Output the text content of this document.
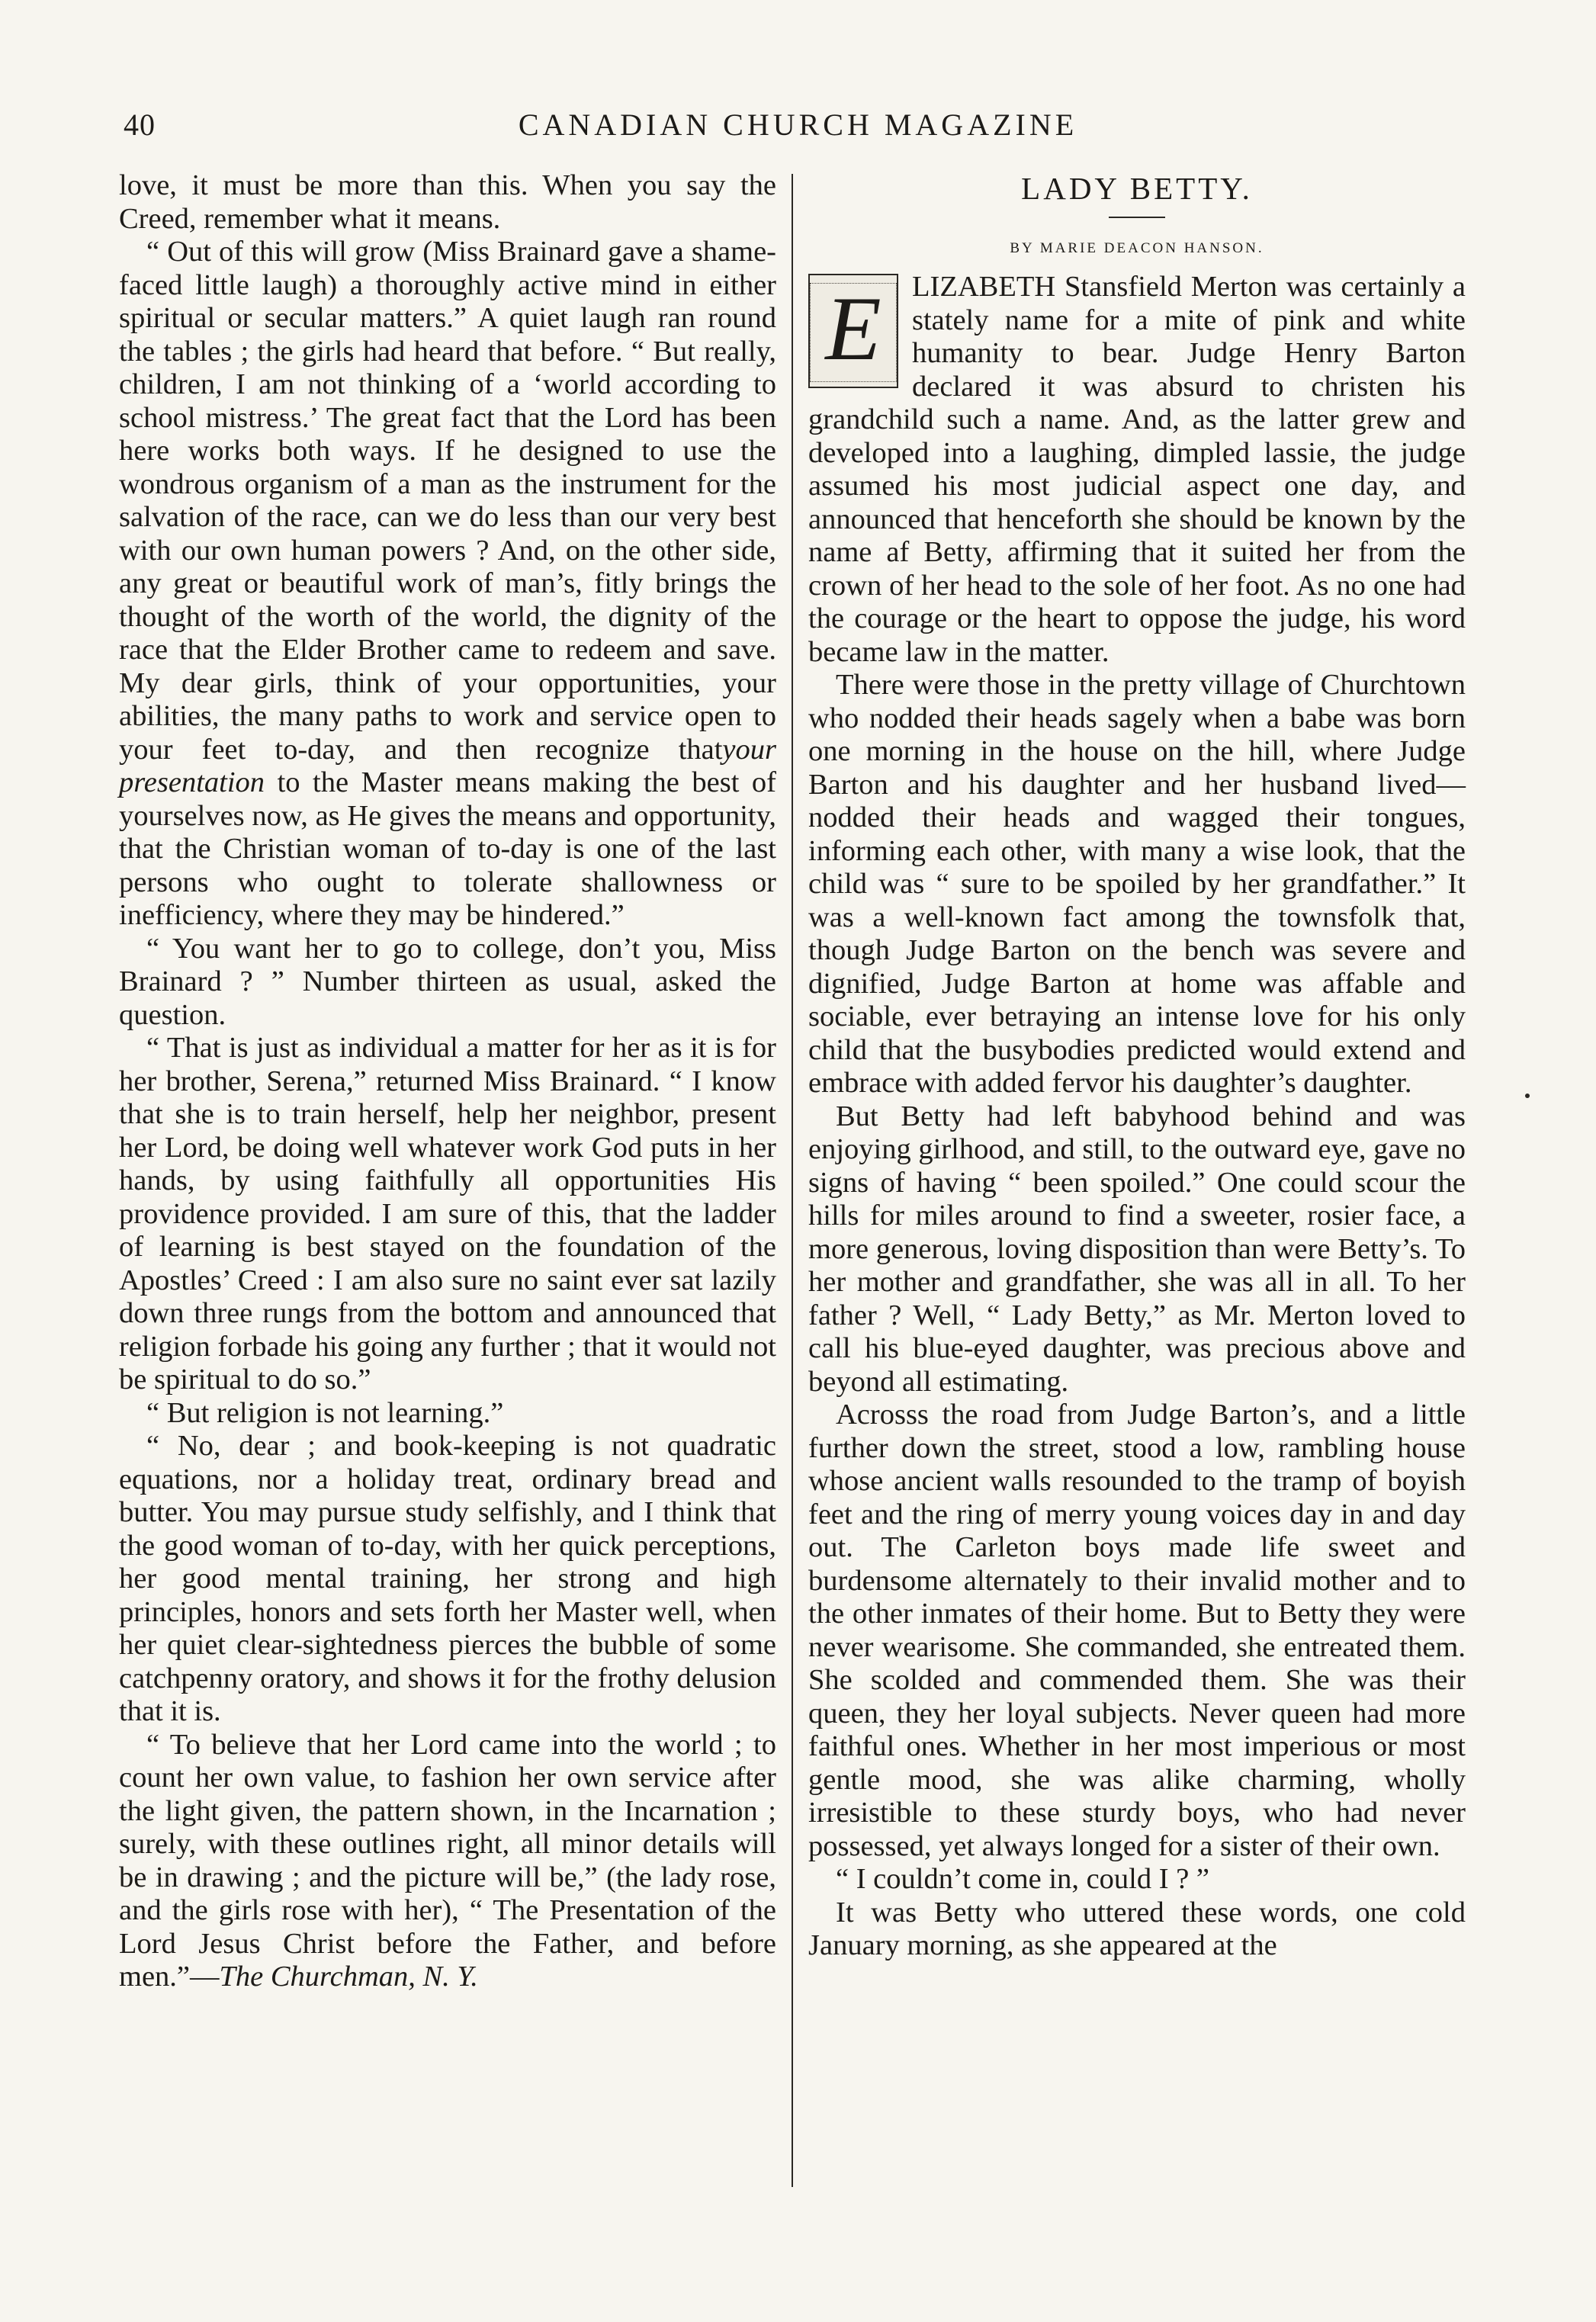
40	CANADIAN CHURCH MAGAZINE

love, it must be more than this. When you say the Creed, remember what it means.

“ Out of this will grow (Miss Brainard gave a shame-faced little laugh) a thoroughly active mind in either spiritual or secular matters.” A quiet laugh ran round the tables ; the girls had heard that before. “ But really, children, I am not thinking of a ‘world according to school mistress.’ The great fact that the Lord has been here works both ways. If he designed to use the wondrous organism of a man as the instrument for the salvation of the race, can we do less than our very best with our own human powers ? And, on the other side, any great or beautiful work of man’s, fitly brings the thought of the worth of the world, the dignity of the race that the Elder Brother came to redeem and save. My dear girls, think of your opportunities, your abilities, the many paths to work and service open to your feet to-day, and then recognize thatyour presentation to the Master means making the best of yourselves now, as He gives the means and opportunity, that the Christian woman of to-day is one of the last persons who ought to tolerate shallowness or inefficiency, where they may be hindered.”

“ You want her to go to college, don’t you, Miss Brainard ? ” Number thirteen as usual, asked the question.

“ That is just as individual a matter for her as it is for her brother, Serena,” returned Miss Brainard. “ I know that she is to train herself, help her neighbor, present her Lord, be doing well whatever work God puts in her hands, by using faithfully all opportunities His providence provided. I am sure of this, that the ladder of learning is best stayed on the foundation of the Apostles’ Creed : I am also sure no saint ever sat lazily down three rungs from the bottom and announced that religion forbade his going any further ; that it would not be spiritual to do so.”

“ But religion is not learning.”

“ No, dear ; and book-keeping is not quadratic equations, nor a holiday treat, ordinary bread and butter. You may pursue study selfishly, and I think that the good woman of to-day, with her quick perceptions, her good mental training, her strong and high principles, honors and sets forth her Master well, when her quiet clear-sightedness pierces the bubble of some catchpenny oratory, and shows it for the frothy delusion that it is.

“ To believe that her Lord came into the world ; to count her own value, to fashion her own service after the light given, the pattern shown, in the Incarnation ; surely, with these outlines right, all minor details will be in drawing ; and the picture will be,” (the lady rose, and the girls rose with her), “ The Presentation of the Lord Jesus Christ before the Father, and before men.”—The Churchman, N. Y.

LADY BETTY.
BY MARIE DEACON HANSON.

E	LIZABETH Stansfield Merton was certainly a stately name for a mite of pink and white humanity to bear. Judge Henry Barton declared it was absurd to christen his grandchild such a name. And, as the latter grew and developed into a laughing, dimpled lassie, the judge assumed his most judicial aspect one day, and announced that henceforth she should be known by the name af Betty, affirming that it suited her from the crown of her head to the sole of her foot. As no one had the courage or the heart to oppose the judge, his word became law in the matter.

There were those in the pretty village of Churchtown who nodded their heads sagely when a babe was born one morning in the house on the hill, where Judge Barton and his daughter and her husband lived—nodded their heads and wagged their tongues, informing each other, with many a wise look, that the child was “ sure to be spoiled by her grandfather.” It was a well-known fact among the townsfolk that, though Judge Barton on the bench was severe and dignified, Judge Barton at home was affable and sociable, ever betraying an intense love for his only child that the busybodies predicted would extend and embrace with added fervor his daughter’s daughter.

But Betty had left babyhood behind and was enjoying girlhood, and still, to the outward eye, gave no signs of having “ been spoiled.” One could scour the hills for miles around to find a sweeter, rosier face, a more generous, loving disposition than were Betty’s. To her mother and grandfather, she was all in all. To her father ? Well, “ Lady Betty,” as Mr. Merton loved to call his blue-eyed daughter, was precious above and beyond all estimating.

Acrosss the road from Judge Barton’s, and a little further down the street, stood a low, rambling house whose ancient walls resounded to the tramp of boyish feet and the ring of merry young voices day in and day out. The Carleton boys made life sweet and burdensome alternately to their invalid mother and to the other inmates of their home. But to Betty they were never wearisome. She commanded, she entreated them. She scolded and commended them. She was their queen, they her loyal subjects. Never queen had more faithful ones. Whether in her most imperious or most gentle mood, she was alike charming, wholly irresistible to these sturdy boys, who had never possessed, yet always longed for a sister of their own.

“ I couldn’t come in, could I ? ”

It was Betty who uttered these words, one cold January morning, as she appeared at the
